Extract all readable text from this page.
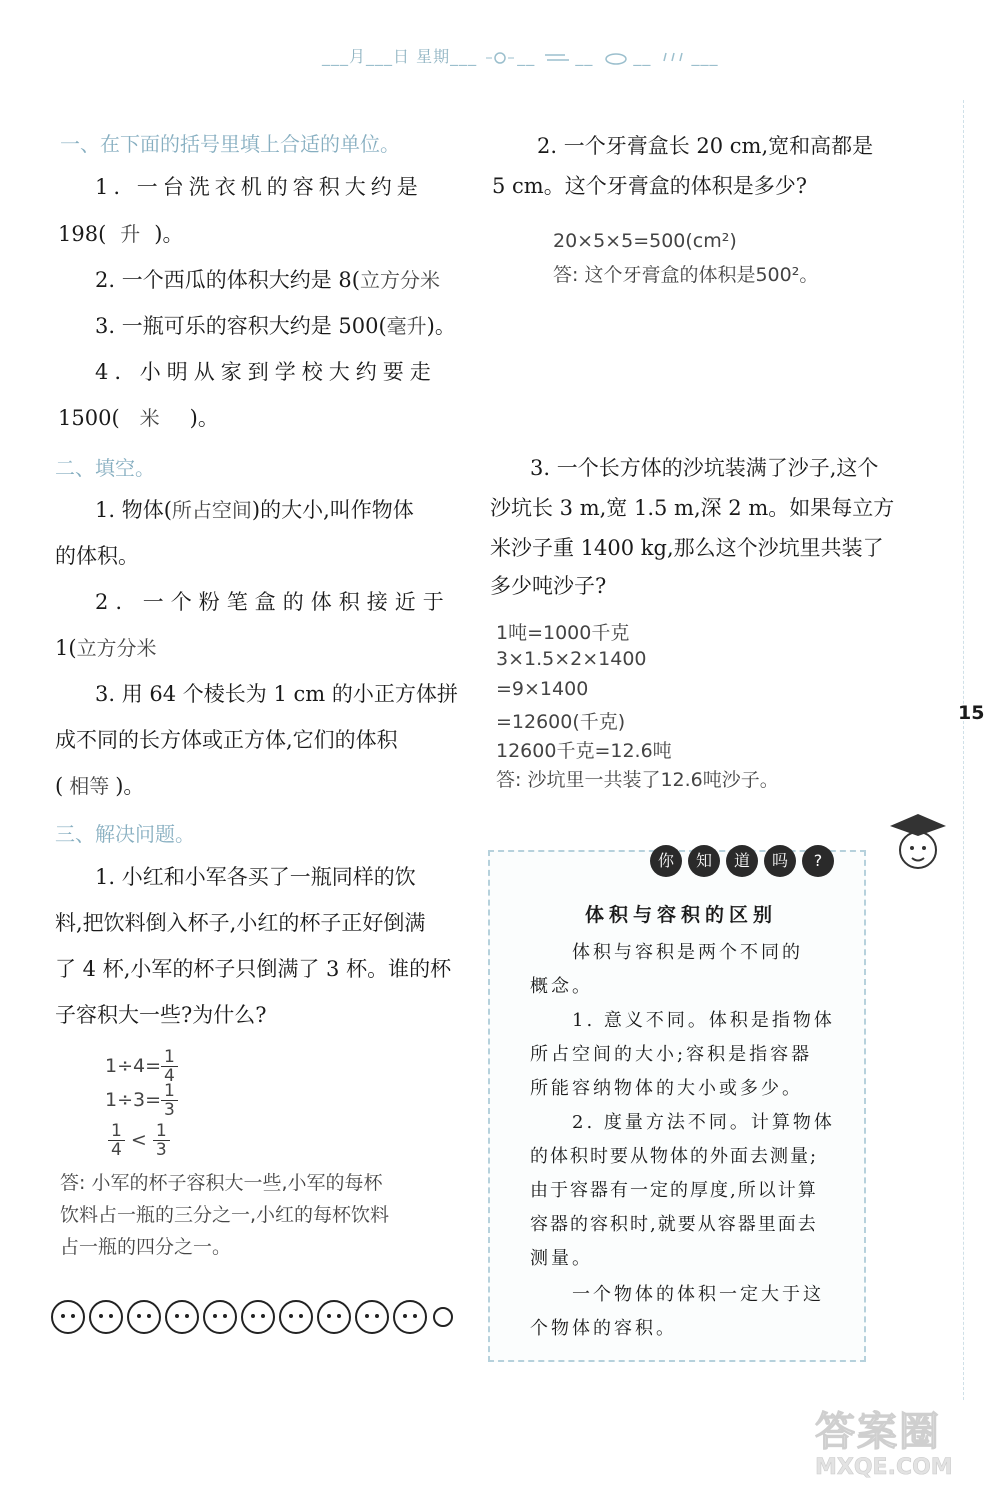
___月___日 星期___	__	__	__	___
一、在下面的括号里填上合适的单位。
1. 一台洗衣机的容积大约是
198( 升 )。
2. 一个西瓜的体积大约是 8(立方分米
3. 一瓶可乐的容积大约是 500(毫升)。
4. 小明从家到学校大约要走
1500( 米 )。
二、填空。
1. 物体(所占空间)的大小,叫作物体
的体积。
2. 一个粉笔盒的体积接近于
1(立方分米
3. 用 64 个棱长为 1 cm 的小正方体拼
成不同的长方体或正方体,它们的体积
( 相等 )。
三、解决问题。
1. 小红和小军各买了一瓶同样的饮
料,把饮料倒入杯子,小红的杯子正好倒满
了 4 杯,小军的杯子只倒满了 3 杯。谁的杯
子容积大一些?为什么?
$1\div 4= \frac{1}{4}$
$1\div 3= \frac{1}{3}$
$\frac{1}{4} < \frac{1}{3}$
答: 小军的杯子容积大一些,小军的每杯
饮料占一瓶的三分之一,小红的每杯饮料
占一瓶的四分之一。
2. 一个牙膏盒长 20 cm,宽和高都是
5 cm。这个牙膏盒的体积是多少?
20×5×5=500(cm²)
答: 这个牙膏盒的体积是500²。
3. 一个长方体的沙坑装满了沙子,这个
沙坑长 3 m,宽 1.5 m,深 2 m。如果每立方
米沙子重 1400 kg,那么这个沙坑里共装了
多少吨沙子?
1吨=1000千克
3×1.5×2×1400
=9×1400
=12600(千克)
12600千克=12.6吨
答: 沙坑里一共装了12.6吨沙子。
15
你	知	道	吗	?
体积与容积的区别
体积与容积是两个不同的
概念。
1. 意义不同。体积是指物体
所占空间的大小;容积是指容器
所能容纳物体的大小或多少。
2. 度量方法不同。计算物体
的体积时要从物体的外面去测量;
由于容器有一定的厚度,所以计算
容器的容积时,就要从容器里面去
测量。
一个物体的体积一定大于这
个物体的容积。
答案圈
MXQE.COM
